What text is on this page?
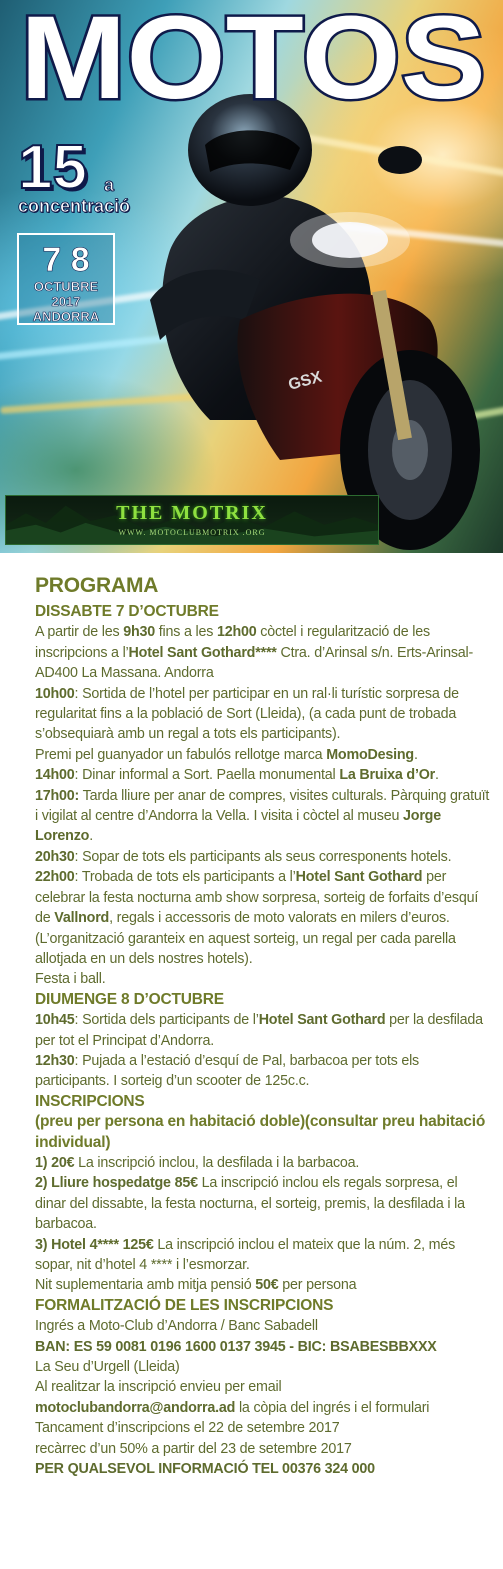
GSX
MOTOS
15 a
concentració
7 8
OCTUBRE
2017
ANDORRA
THE MOTRIX
WWW. MOTOCLUBMOTRIX .ORG
PROGRAMA
DISSABTE 7 D’OCTUBRE

A partir de les 9h30 fins a les 12h00 còctel i regularització de les inscripcions a l’Hotel Sant Gothard**** Ctra. d’Arinsal s/n. Erts-Arinsal- AD400 La Massana. Andorra

10h00: Sortida de l’hotel per participar en un ral·li turístic sorpresa de regularitat fins a la població de Sort (Lleida), (a cada punt de trobada s’obsequiarà amb un regal a tots els participants).

Premi pel guanyador un fabulós rellotge marca MomoDesing.

14h00: Dinar informal a Sort. Paella monumental La Bruixa d’Or.

17h00: Tarda lliure per anar de compres, visites culturals. Pàrquing gratuït i vigilat al centre d’Andorra la Vella. I visita i còctel al museu Jorge Lorenzo.

20h30: Sopar de tots els participants als seus corresponents hotels.

22h00: Trobada de tots els participants a l’Hotel Sant Gothard per celebrar la festa nocturna amb show sorpresa, sorteig de forfaits d’esquí de Vallnord, regals i accessoris de moto valorats en milers d’euros. (L’organització garanteix en aquest sorteig, un regal per cada parella allotjada en un dels nostres hotels).

Festa i ball.

DIUMENGE 8 D’OCTUBRE

10h45: Sortida dels participants de l’Hotel Sant Gothard per la desfilada per tot el Principat d’Andorra.

12h30: Pujada a l’estació d’esquí de Pal, barbacoa per tots els participants. I sorteig d’un scooter de 125c.c.

INSCRIPCIONS
(preu per persona en habitació doble)(consultar preu habitació individual)

1) 20€ La inscripció inclou, la desfilada i la barbacoa.

2) Lliure hospedatge 85€ La inscripció inclou els regals sorpresa, el dinar del dissabte, la festa nocturna, el sorteig, premis, la desfilada i la barbacoa.

3) Hotel 4**** 125€ La inscripció inclou el mateix que la núm. 2, més sopar, nit d’hotel 4 **** i l’esmorzar.

Nit suplementaria amb mitja pensió 50€ per persona

FORMALITZACIÓ DE LES INSCRIPCIONS

Ingrés a Moto-Club d’Andorra / Banc Sabadell

BAN: ES 59 0081 0196 1600 0137 3945 - BIC: BSABESBBXXX

La Seu d’Urgell (Lleida)

Al realitzar la inscripció envieu per email

motoclubandorra@andorra.ad la còpia del ingrés i el formulari

Tancament d’inscripcions el 22 de setembre 2017

recàrrec d’un 50% a partir del 23 de setembre 2017

PER QUALSEVOL INFORMACIÓ TEL 00376 324 000
